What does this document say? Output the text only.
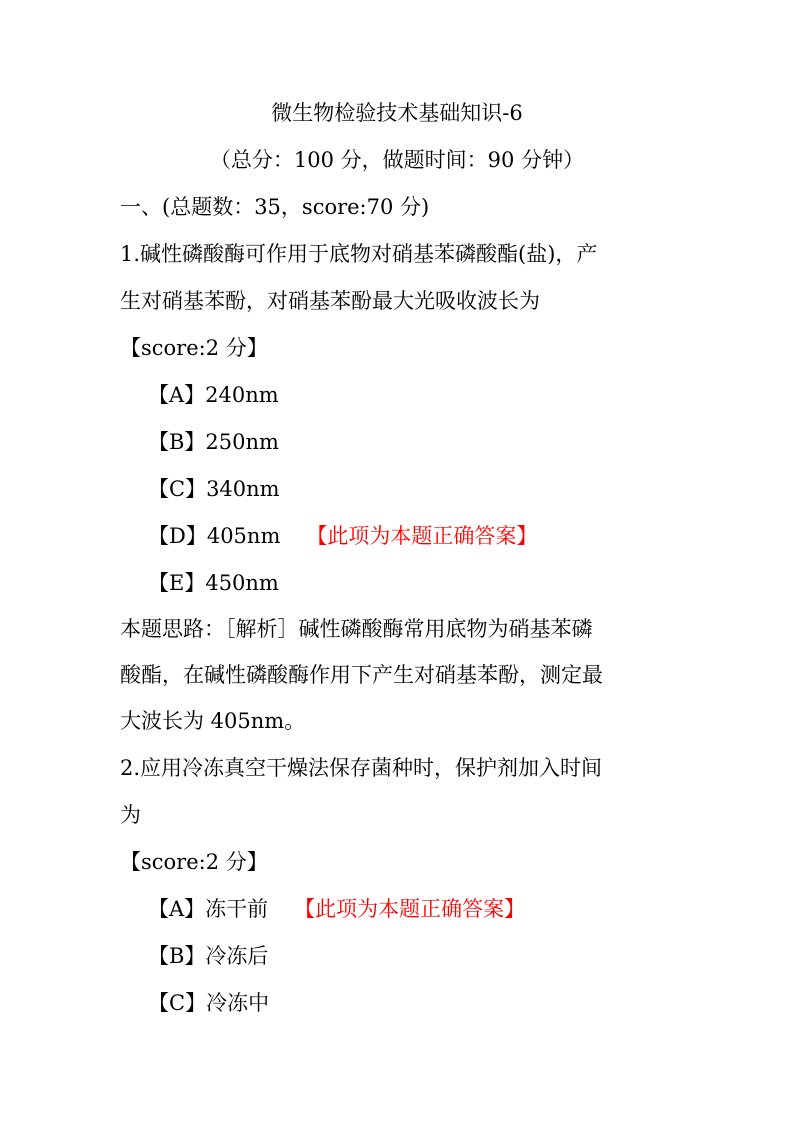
微生物检验技术基础知识-6
（总分：100 分，做题时间：90 分钟）
一、(总题数：35，score:70 分)
1.碱性磷酸酶可作用于底物对硝基苯磷酸酯(盐)，产
生对硝基苯酚，对硝基苯酚最大光吸收波长为
【score:2 分】
【A】240nm
【B】250nm
【C】340nm
【D】405nm 【此项为本题正确答案】
【E】450nm
本题思路：［解析］碱性磷酸酶常用底物为硝基苯磷
酸酯，在碱性磷酸酶作用下产生对硝基苯酚，测定最
大波长为 405nm。
2.应用冷冻真空干燥法保存菌种时，保护剂加入时间
为
【score:2 分】
【A】冻干前 【此项为本题正确答案】
【B】冷冻后
【C】冷冻中
